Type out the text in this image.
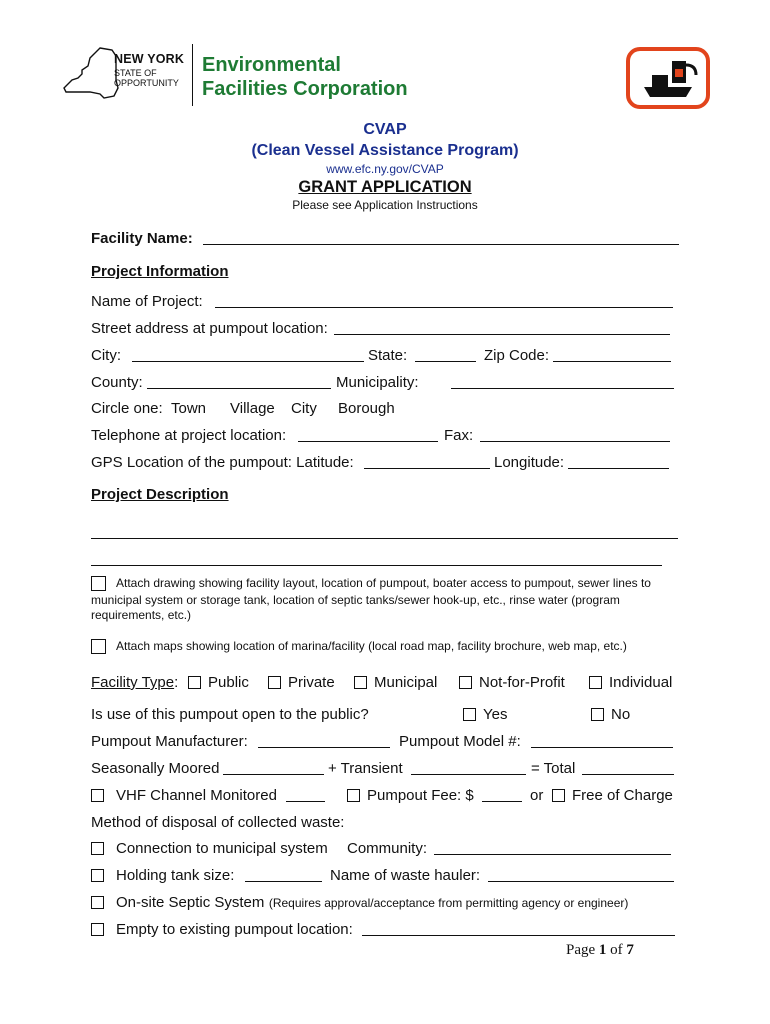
NEW YORK
STATE OF
OPPORTUNITY
Environmental
Facilities Corporation
CVAP
(Clean Vessel Assistance Program)
www.efc.ny.gov/CVAP
GRANT APPLICATION
Please see Application Instructions
Facility Name:
Project Information
Name of Project:
Street address at pumpout location:
City:	State:	Zip Code:
County:	Municipality:
Circle one: Town Village City Borough
Telephone at project location:	Fax:
GPS Location of the pumpout: Latitude:	Longitude:
Project Description
Attach drawing showing facility layout, location of pumpout, boater access to pumpout, sewer lines to
municipal system or storage tank, location of septic tanks/sewer hook-up, etc., rinse water (program
requirements, etc.)
Attach maps showing location of marina/facility (local road map, facility brochure, web map, etc.)
Facility Type:	Public	Private	Municipal	Not-for-Profit	Individual
Is use of this pumpout open to the public?	Yes	No
Pumpout Manufacturer:	Pumpout Model #:
Seasonally Moored	+ Transient	= Total
VHF Channel Monitored	Pumpout Fee: $	or	Free of Charge
Method of disposal of collected waste:
Connection to municipal system Community:
Holding tank size:	Name of waste hauler:
On-site Septic System (Requires approval/acceptance from permitting agency or engineer)
Empty to existing pumpout location:
Page 1 of 7
